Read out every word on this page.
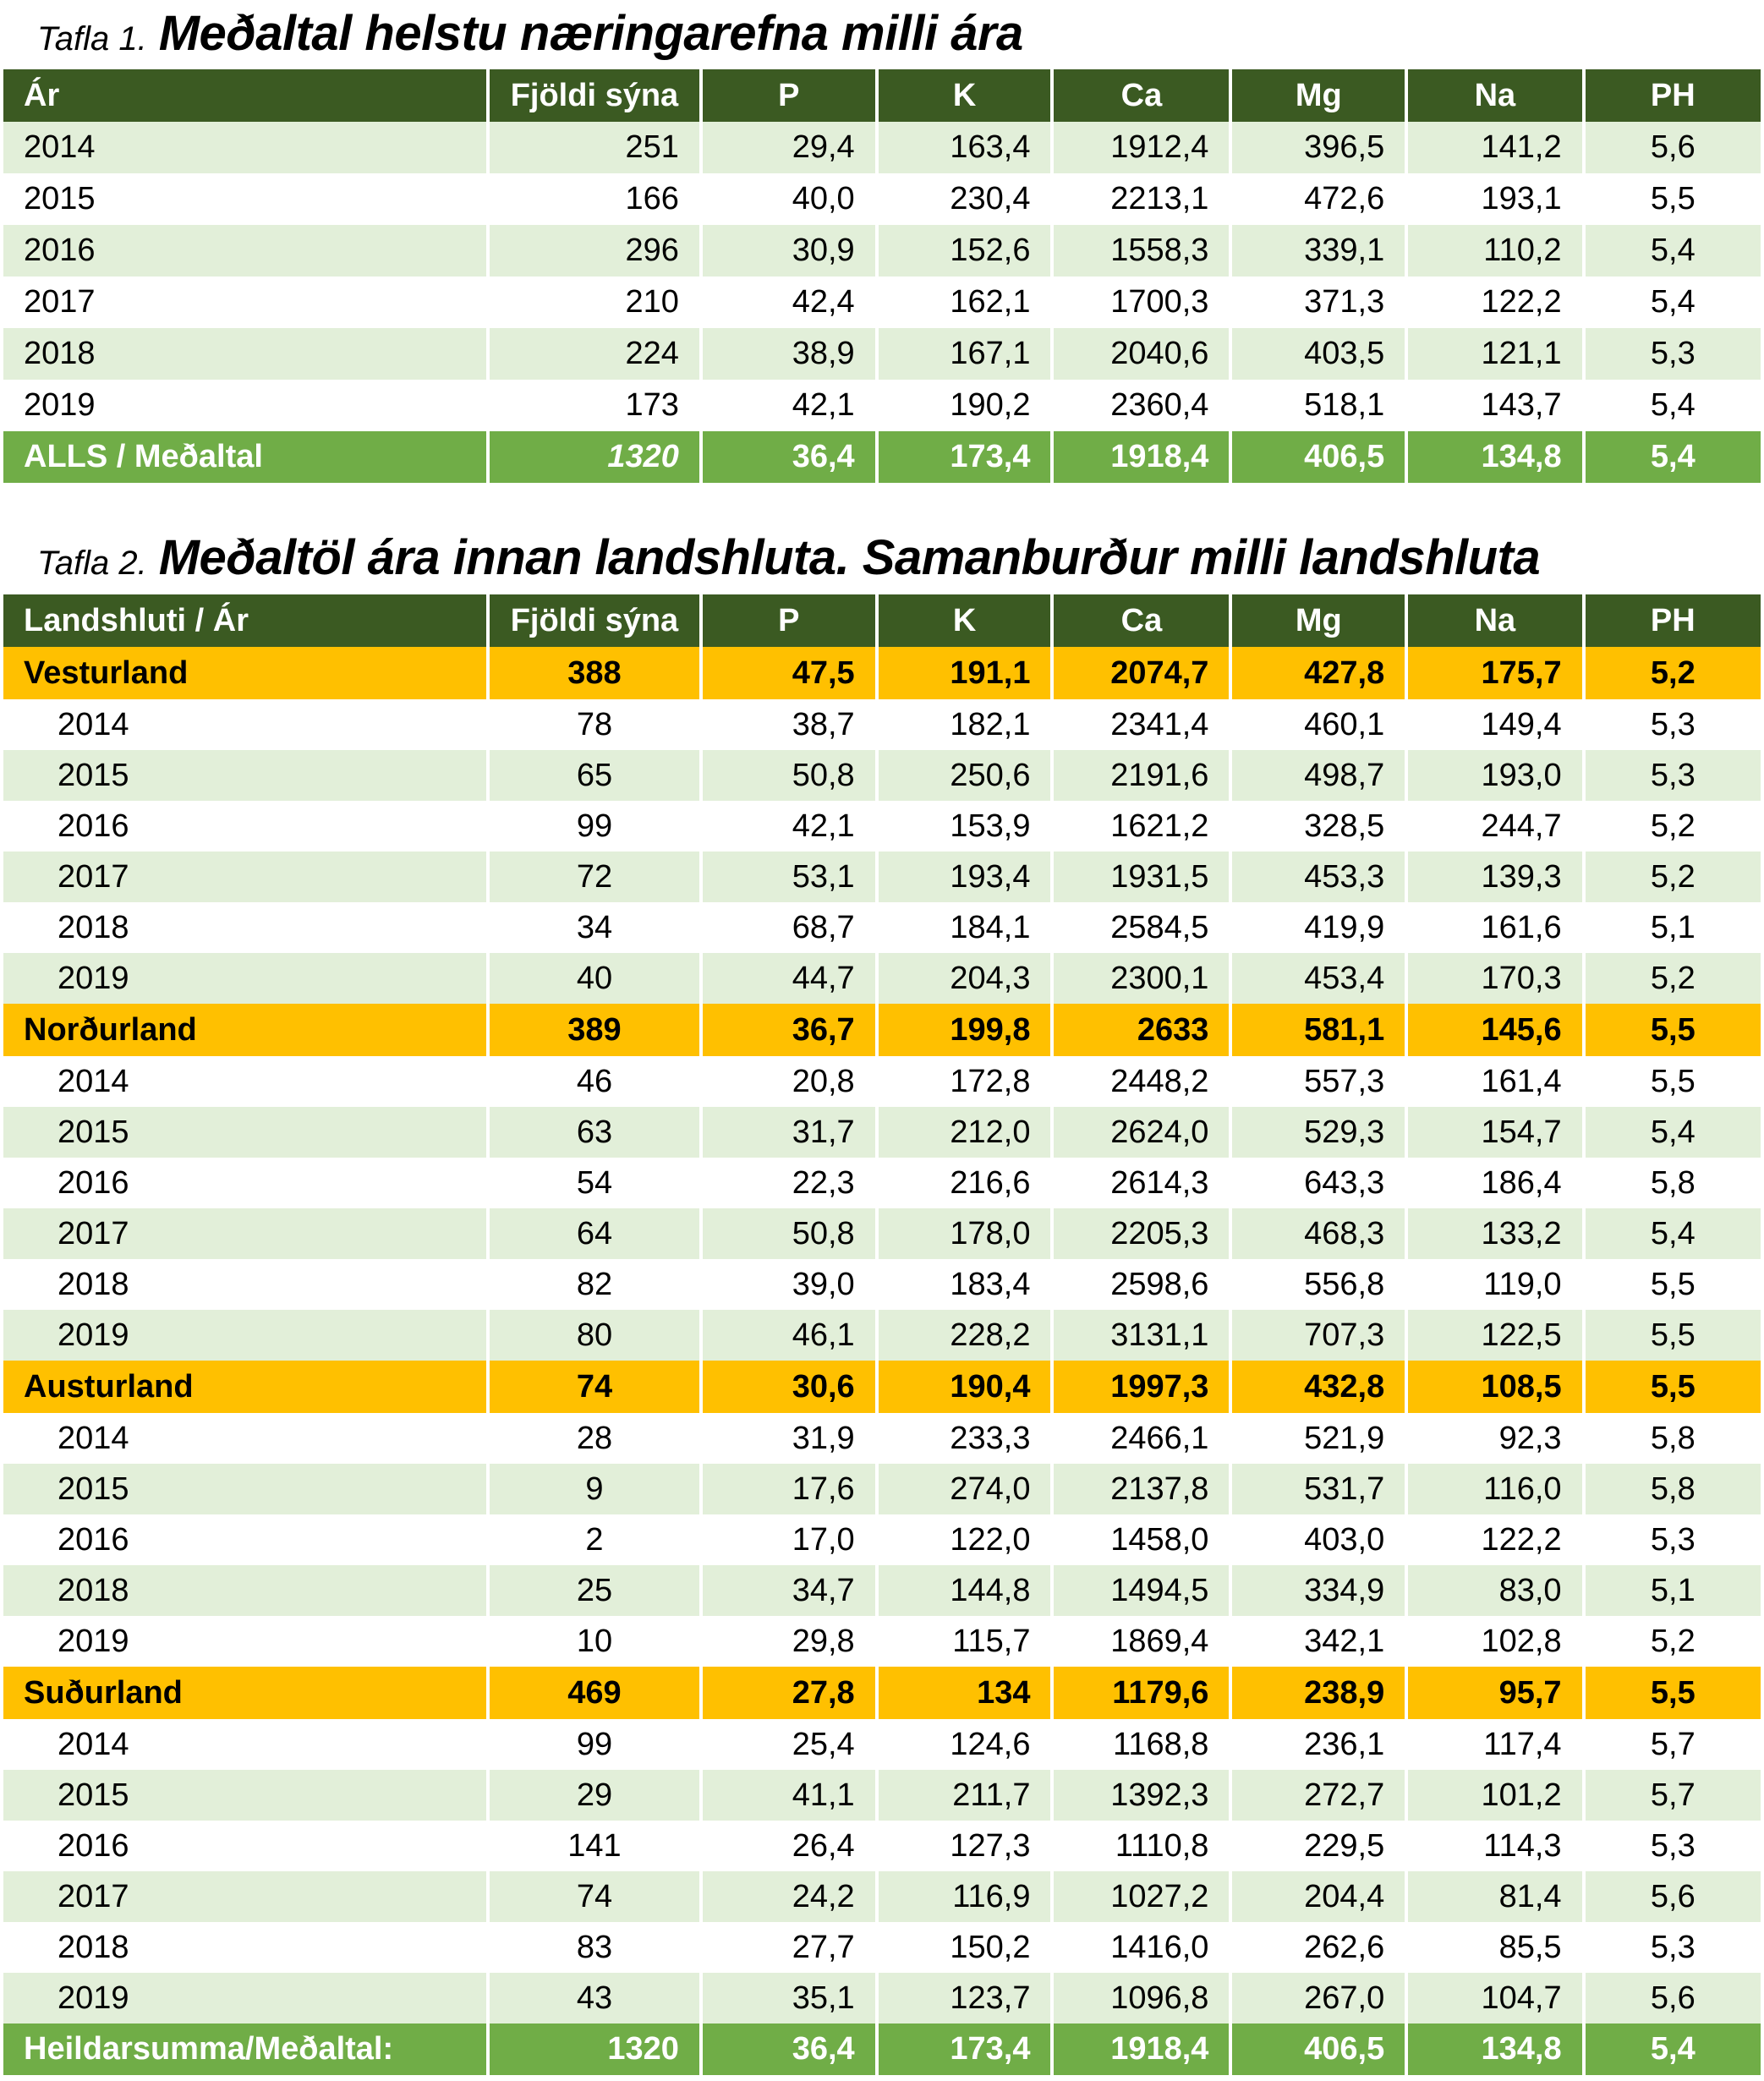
Tafla 1. Meðaltal helstu næringarefna milli ára
Ár	Fjöldi sýna	P	K	Ca	Mg	Na	PH
2014	251	29,4	163,4	1912,4	396,5	141,2	5,6
2015	166	40,0	230,4	2213,1	472,6	193,1	5,5
2016	296	30,9	152,6	1558,3	339,1	110,2	5,4
2017	210	42,4	162,1	1700,3	371,3	122,2	5,4
2018	224	38,9	167,1	2040,6	403,5	121,1	5,3
2019	173	42,1	190,2	2360,4	518,1	143,7	5,4
ALLS / Meðaltal	1320	36,4	173,4	1918,4	406,5	134,8	5,4
Tafla 2. Meðaltöl ára innan landshluta. Samanburður milli landshluta
Landshluti / Ár	Fjöldi sýna	P	K	Ca	Mg	Na	PH
Vesturland	388	47,5	191,1	2074,7	427,8	175,7	5,2
2014	78	38,7	182,1	2341,4	460,1	149,4	5,3
2015	65	50,8	250,6	2191,6	498,7	193,0	5,3
2016	99	42,1	153,9	1621,2	328,5	244,7	5,2
2017	72	53,1	193,4	1931,5	453,3	139,3	5,2
2018	34	68,7	184,1	2584,5	419,9	161,6	5,1
2019	40	44,7	204,3	2300,1	453,4	170,3	5,2
Norðurland	389	36,7	199,8	2633	581,1	145,6	5,5
2014	46	20,8	172,8	2448,2	557,3	161,4	5,5
2015	63	31,7	212,0	2624,0	529,3	154,7	5,4
2016	54	22,3	216,6	2614,3	643,3	186,4	5,8
2017	64	50,8	178,0	2205,3	468,3	133,2	5,4
2018	82	39,0	183,4	2598,6	556,8	119,0	5,5
2019	80	46,1	228,2	3131,1	707,3	122,5	5,5
Austurland	74	30,6	190,4	1997,3	432,8	108,5	5,5
2014	28	31,9	233,3	2466,1	521,9	92,3	5,8
2015	9	17,6	274,0	2137,8	531,7	116,0	5,8
2016	2	17,0	122,0	1458,0	403,0	122,2	5,3
2018	25	34,7	144,8	1494,5	334,9	83,0	5,1
2019	10	29,8	115,7	1869,4	342,1	102,8	5,2
Suðurland	469	27,8	134	1179,6	238,9	95,7	5,5
2014	99	25,4	124,6	1168,8	236,1	117,4	5,7
2015	29	41,1	211,7	1392,3	272,7	101,2	5,7
2016	141	26,4	127,3	1110,8	229,5	114,3	5,3
2017	74	24,2	116,9	1027,2	204,4	81,4	5,6
2018	83	27,7	150,2	1416,0	262,6	85,5	5,3
2019	43	35,1	123,7	1096,8	267,0	104,7	5,6
Heildarsumma/Meðaltal:	1320	36,4	173,4	1918,4	406,5	134,8	5,4
